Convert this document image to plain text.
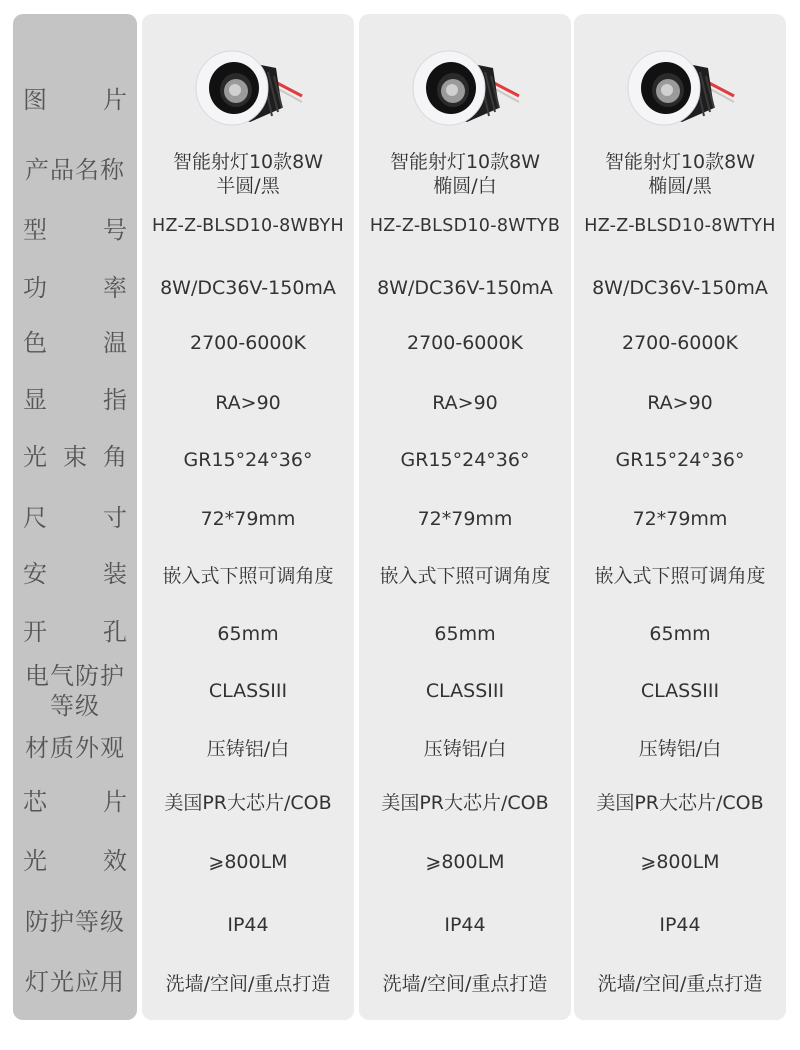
图 片
产品名称
型 号
功 率
色 温
显 指
光 束 角
尺 寸
安 装
开 孔
电气防护
等级
材质外观
芯 片
光 效
防护等级
灯光应用
智能射灯10款8W
半圆/黑
HZ-Z-BLSD10-8WBYH
8W/DC36V-150mA
2700-6000K
RA>90
GR15°24°36°
72*79mm
嵌入式下照可调角度
65mm
CLASSIII
压铸铝/白
美国PR大芯片/COB
⩾800LM
IP44
洗墙/空间/重点打造
智能射灯10款8W
椭圆/白
HZ-Z-BLSD10-8WTYB
8W/DC36V-150mA
2700-6000K
RA>90
GR15°24°36°
72*79mm
嵌入式下照可调角度
65mm
CLASSIII
压铸铝/白
美国PR大芯片/COB
⩾800LM
IP44
洗墙/空间/重点打造
智能射灯10款8W
椭圆/黑
HZ-Z-BLSD10-8WTYH
8W/DC36V-150mA
2700-6000K
RA>90
GR15°24°36°
72*79mm
嵌入式下照可调角度
65mm
CLASSIII
压铸铝/白
美国PR大芯片/COB
⩾800LM
IP44
洗墙/空间/重点打造
